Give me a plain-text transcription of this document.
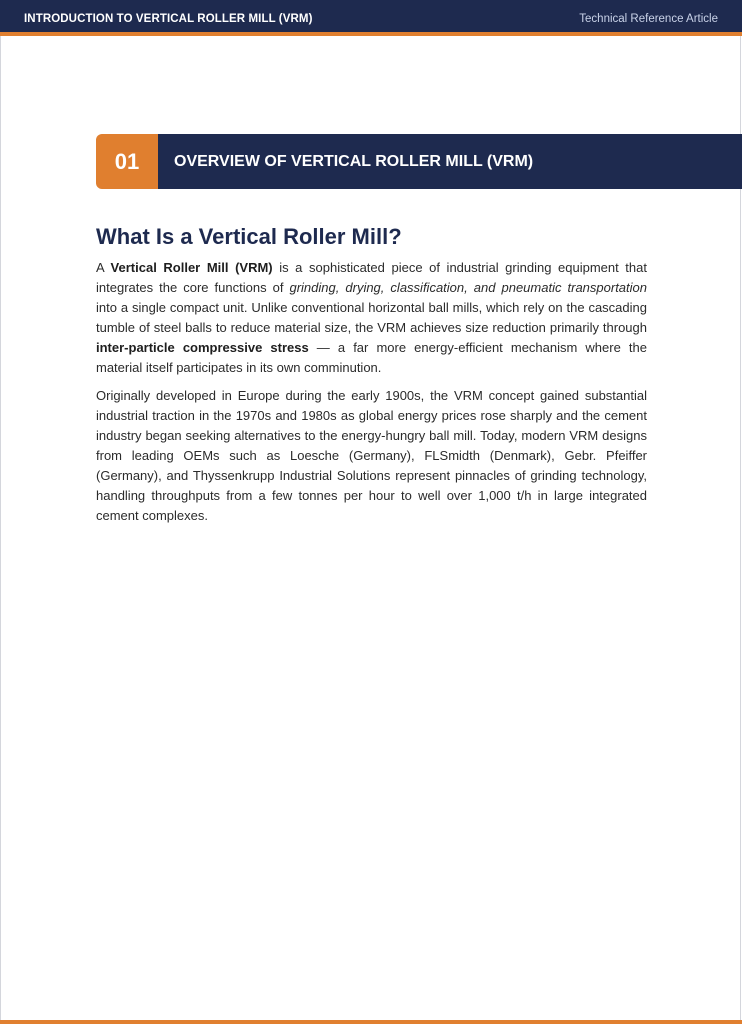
INTRODUCTION TO VERTICAL ROLLER MILL (VRM)	Technical Reference Article
01	OVERVIEW OF VERTICAL ROLLER MILL (VRM)
What Is a Vertical Roller Mill?

A Vertical Roller Mill (VRM) is a sophisticated piece of industrial grinding equipment that integrates the core functions of grinding, drying, classification, and pneumatic transportation into a single compact unit. Unlike conventional horizontal ball mills, which rely on the cascading tumble of steel balls to reduce material size, the VRM achieves size reduction primarily through inter-particle compressive stress — a far more energy-efficient mechanism where the material itself participates in its own comminution.

Originally developed in Europe during the early 1900s, the VRM concept gained substantial industrial traction in the 1970s and 1980s as global energy prices rose sharply and the cement industry began seeking alternatives to the energy-hungry ball mill. Today, modern VRM designs from leading OEMs such as Loesche (Germany), FLSmidth (Denmark), Gebr. Pfeiffer (Germany), and Thyssenkrupp Industrial Solutions represent pinnacles of grinding technology, handling throughputs from a few tonnes per hour to well over 1,000 t/h in large integrated cement complexes.
